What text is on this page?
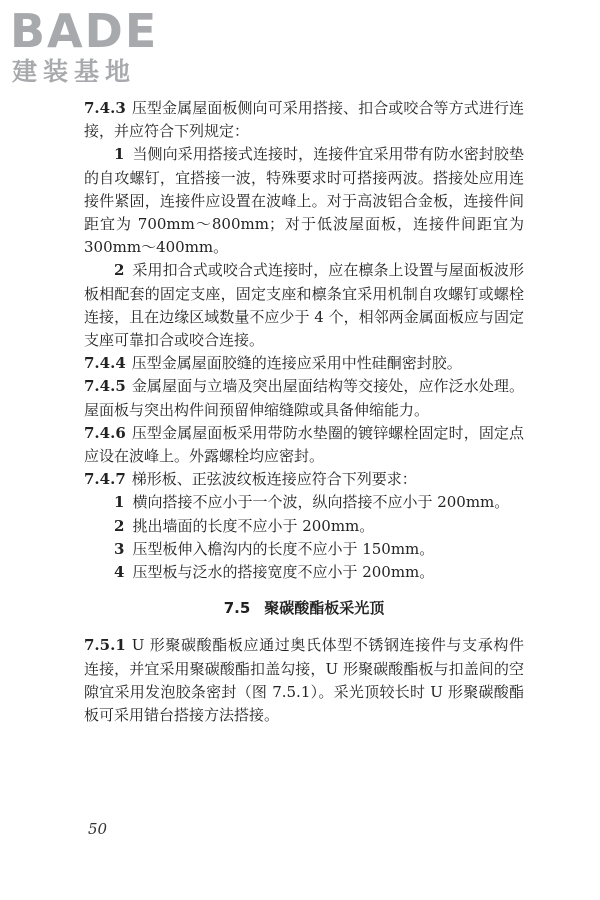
BADE
建装基地

7.4.3 压型金属屋面板侧向可采用搭接、扣合或咬合等方式进行连接，并应符合下列规定：

1 当侧向采用搭接式连接时，连接件宜采用带有防水密封胶垫的自攻螺钉，宜搭接一波，特殊要求时可搭接两波。搭接处应用连接件紧固，连接件应设置在波峰上。对于高波铝合金板，连接件间距宜为 700mm～800mm；对于低波屋面板，连接件间距宜为 300mm～400mm。

2 采用扣合式或咬合式连接时，应在檩条上设置与屋面板波形板相配套的固定支座，固定支座和檩条宜采用机制自攻螺钉或螺栓连接，且在边缘区域数量不应少于 4 个，相邻两金属面板应与固定支座可靠扣合或咬合连接。

7.4.4 压型金属屋面胶缝的连接应采用中性硅酮密封胶。

7.4.5 金属屋面与立墙及突出屋面结构等交接处，应作泛水处理。屋面板与突出构件间预留伸缩缝隙或具备伸缩能力。

7.4.6 压型金属屋面板采用带防水垫圈的镀锌螺栓固定时，固定点应设在波峰上。外露螺栓均应密封。

7.4.7 梯形板、正弦波纹板连接应符合下列要求：

1 横向搭接不应小于一个波，纵向搭接不应小于 200mm。

2 挑出墙面的长度不应小于 200mm。

3 压型板伸入檐沟内的长度不应小于 150mm。

4 压型板与泛水的搭接宽度不应小于 200mm。

7.5 聚碳酸酯板采光顶

7.5.1 U 形聚碳酸酯板应通过奥氏体型不锈钢连接件与支承构件连接，并宜采用聚碳酸酯扣盖勾接，U 形聚碳酸酯板与扣盖间的空隙宜采用发泡胶条密封（图 7.5.1）。采光顶较长时 U 形聚碳酸酯板可采用错台搭接方法搭接。

50
